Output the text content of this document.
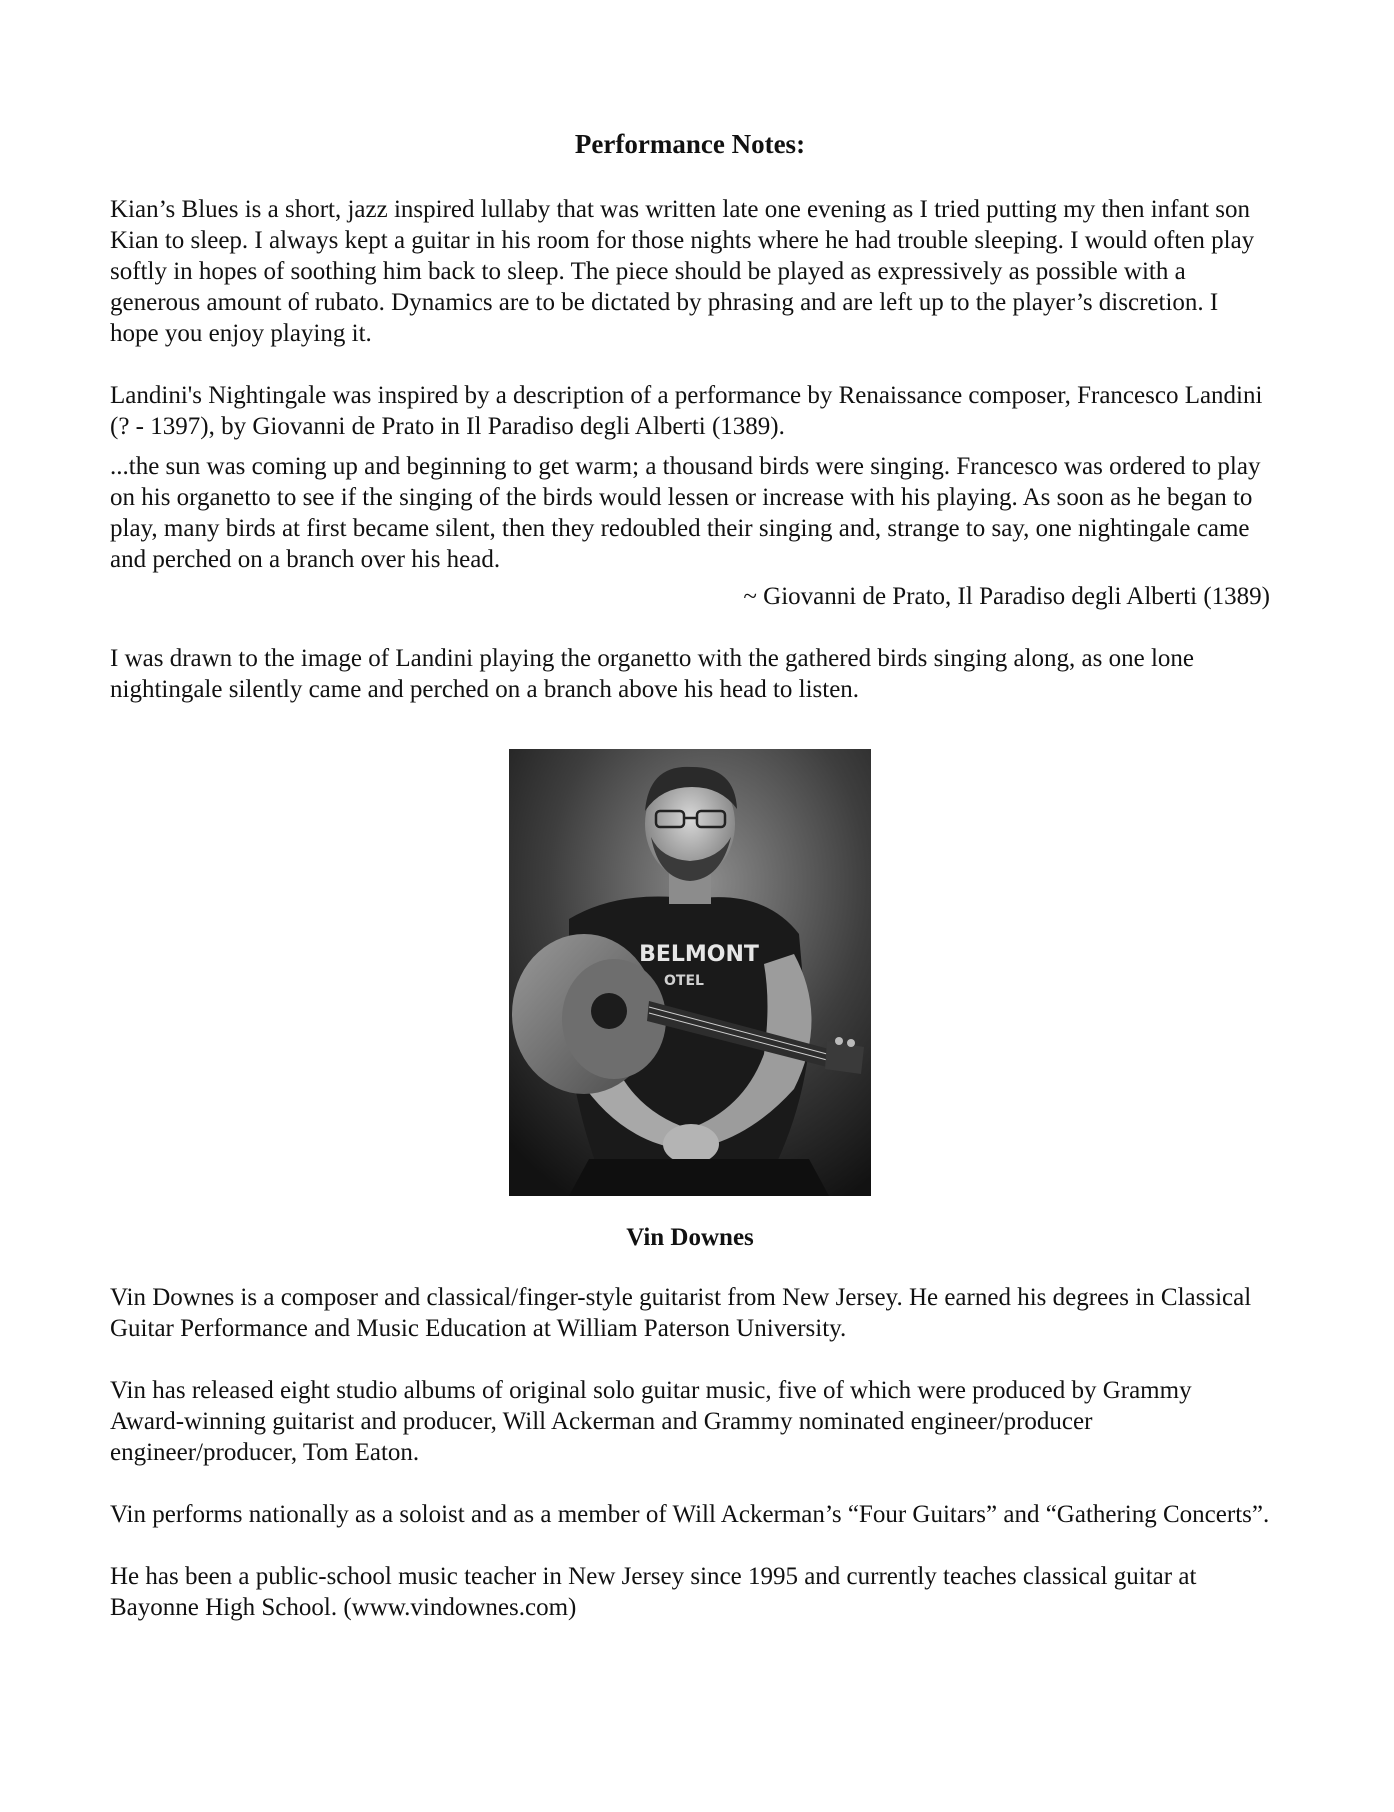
Performance Notes:

Kian’s Blues is a short, jazz inspired lullaby that was written late one evening as I tried putting my then infant son Kian to sleep. I always kept a guitar in his room for those nights where he had trouble sleeping. I would often play softly in hopes of soothing him back to sleep. The piece should be played as expressively as possible with a generous amount of rubato. Dynamics are to be dictated by phrasing and are left up to the player’s discretion. I hope you enjoy playing it.

Landini's Nightingale was inspired by a description of a performance by Renaissance composer, Francesco Landini (? - 1397), by Giovanni de Prato in Il Paradiso degli Alberti (1389).

...the sun was coming up and beginning to get warm; a thousand birds were singing. Francesco was ordered to play on his organetto to see if the singing of the birds would lessen or increase with his playing. As soon as he began to play, many birds at first became silent, then they redoubled their singing and, strange to say, one nightingale came and perched on a branch over his head.

~ Giovanni de Prato, Il Paradiso degli Alberti (1389)

I was drawn to the image of Landini playing the organetto with the gathered birds singing along, as one lone nightingale silently came and perched on a branch above his head to listen.

BELMONT
OTEL
Vin Downes

Vin Downes is a composer and classical/finger-style guitarist from New Jersey. He earned his degrees in Classical Guitar Performance and Music Education at William Paterson University.

Vin has released eight studio albums of original solo guitar music, five of which were produced by Grammy Award-winning guitarist and producer, Will Ackerman and Grammy nominated engineer/producer engineer/producer, Tom Eaton.

Vin performs nationally as a soloist and as a member of Will Ackerman’s “Four Guitars” and “Gathering Concerts”.

He has been a public-school music teacher in New Jersey since 1995 and currently teaches classical guitar at Bayonne High School. (www.vindownes.com)
